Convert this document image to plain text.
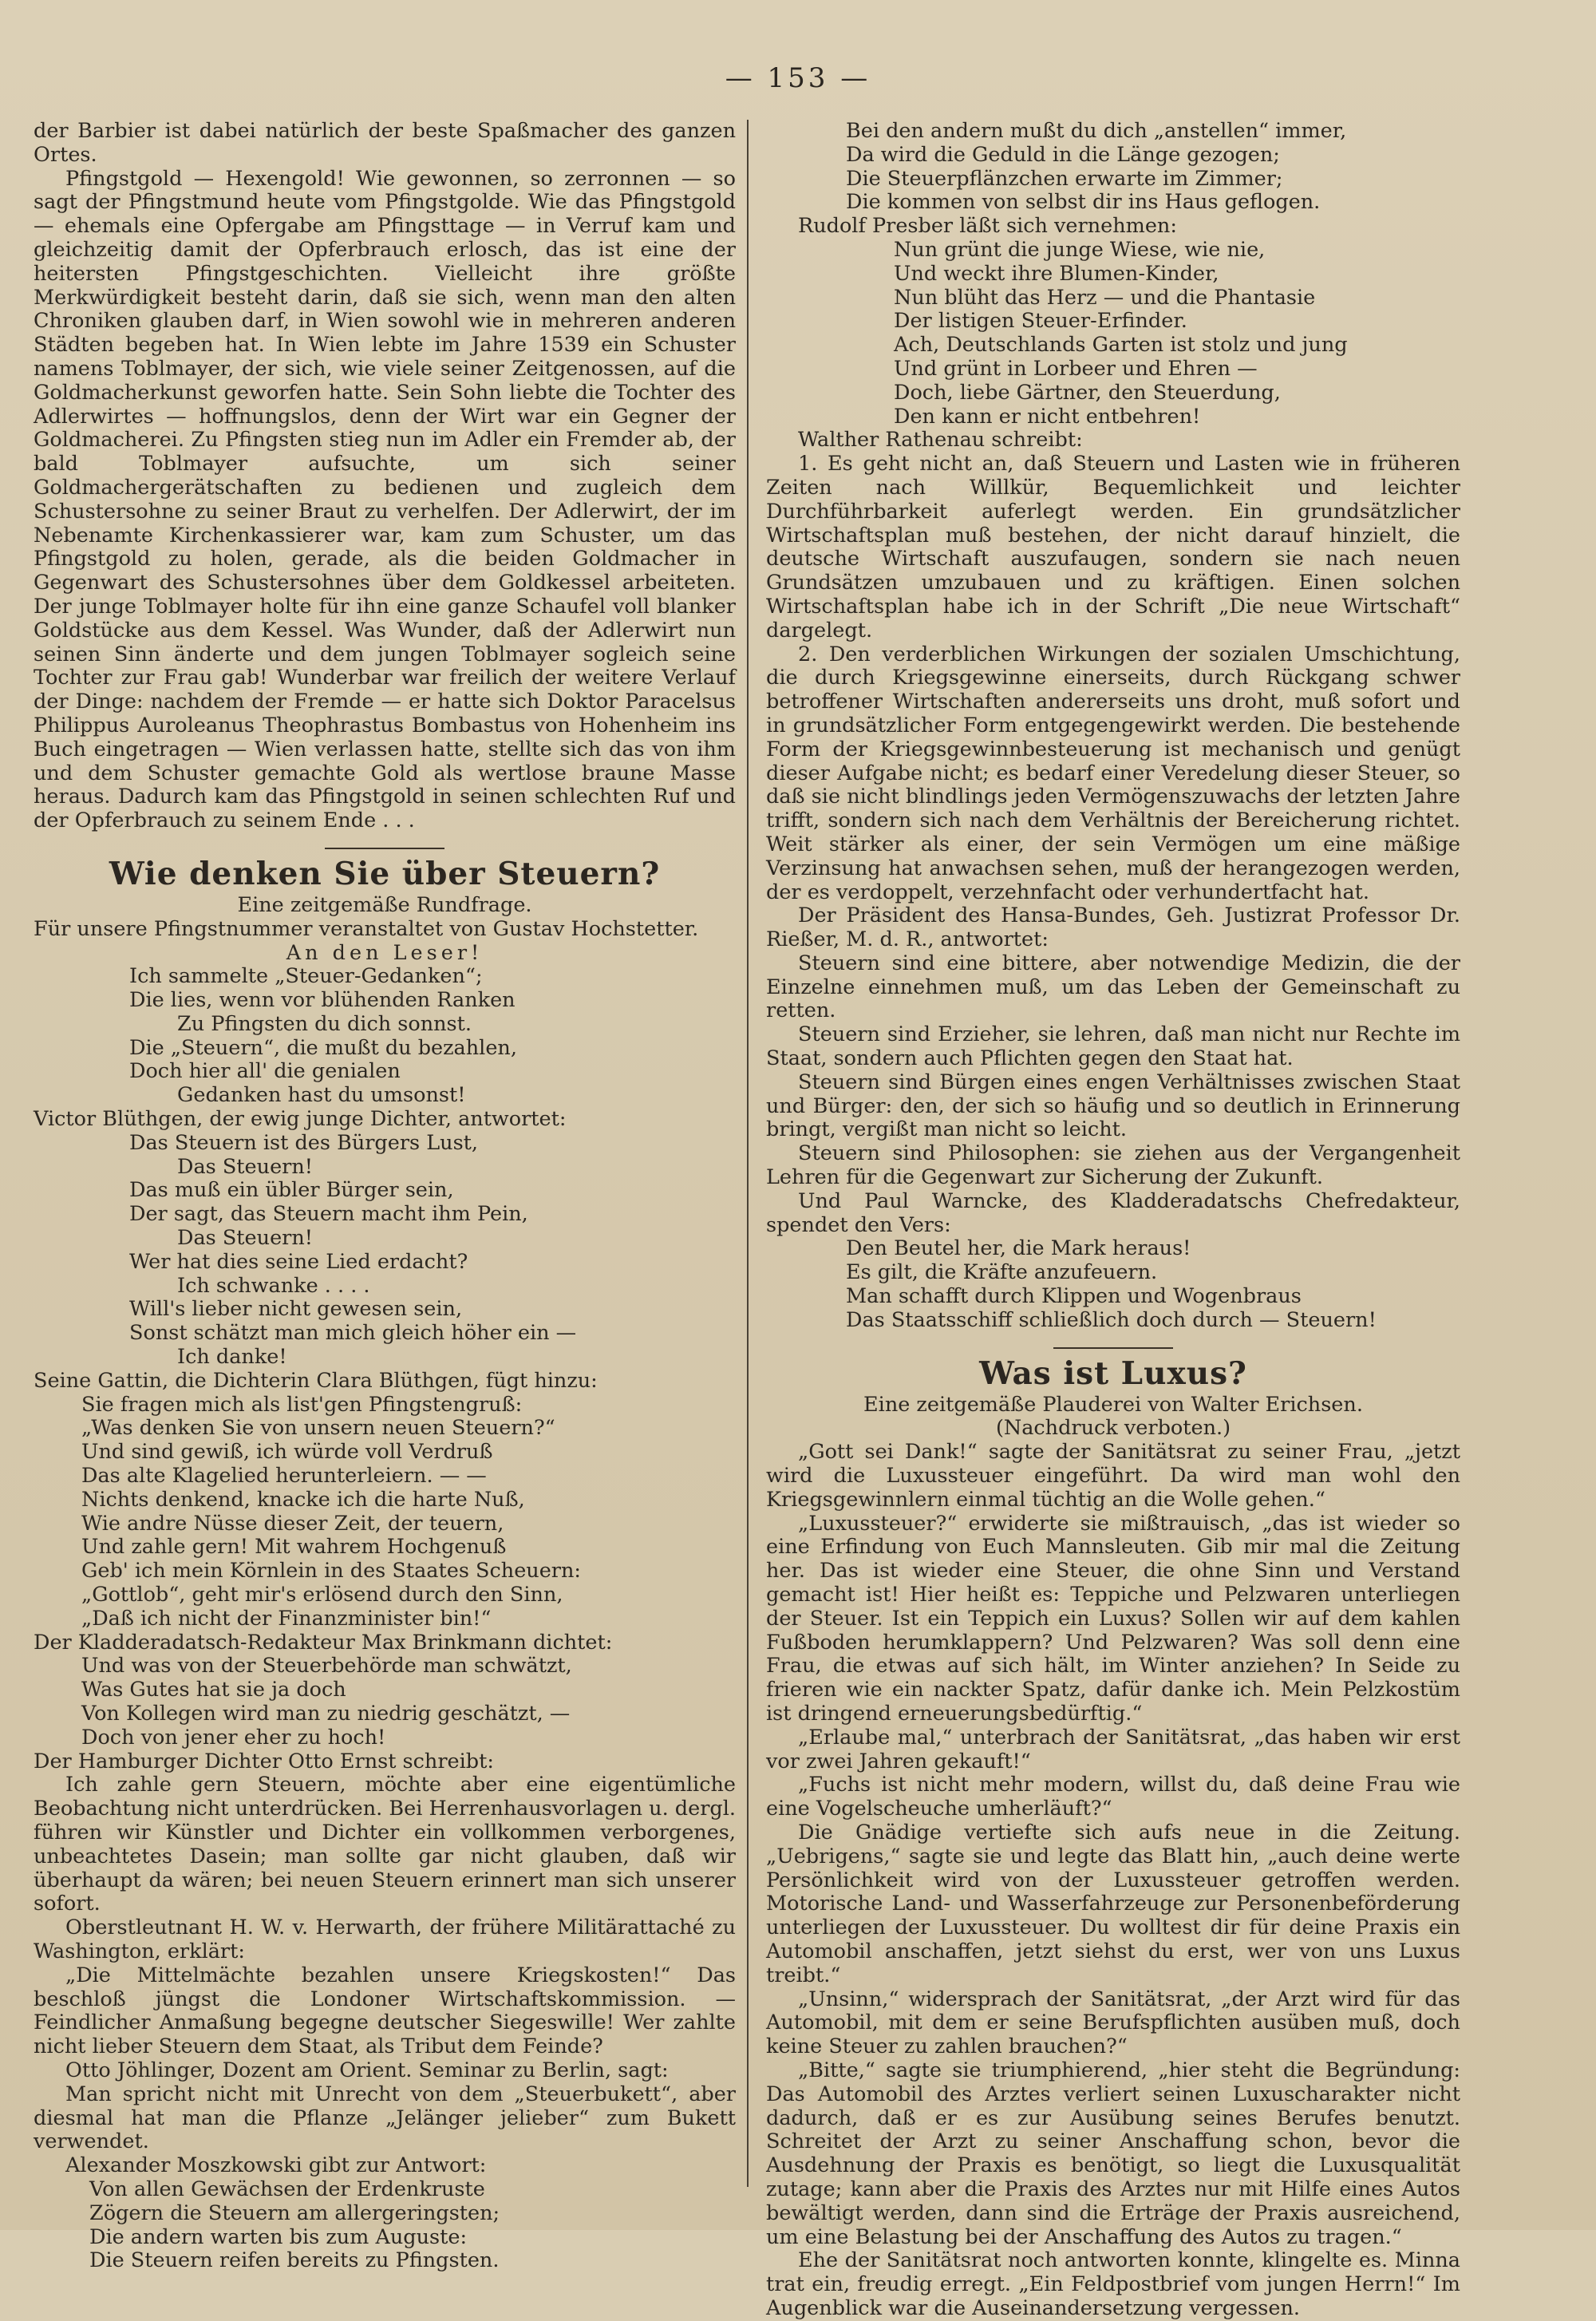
— 153 —

der Barbier ist dabei natürlich der beste Spaßmacher des ganzen Ortes.

Pfingstgold — Hexengold! Wie gewonnen, so zerronnen — so sagt der Pfingstmund heute vom Pfingstgolde. Wie das Pfingstgold — ehemals eine Opfergabe am Pfingsttage — in Verruf kam und gleichzeitig damit der Opferbrauch erlosch, das ist eine der heitersten Pfingstgeschichten. Vielleicht ihre größte Merkwürdigkeit besteht darin, daß sie sich, wenn man den alten Chroniken glauben darf, in Wien sowohl wie in mehreren anderen Städten begeben hat. In Wien lebte im Jahre 1539 ein Schuster namens Toblmayer, der sich, wie viele seiner Zeitgenossen, auf die Goldmacherkunst geworfen hatte. Sein Sohn liebte die Tochter des Adlerwirtes — hoffnungslos, denn der Wirt war ein Gegner der Goldmacherei. Zu Pfingsten stieg nun im Adler ein Fremder ab, der bald Toblmayer aufsuchte, um sich seiner Goldmachergerätschaften zu bedienen und zugleich dem Schustersohne zu seiner Braut zu verhelfen. Der Adlerwirt, der im Nebenamte Kirchenkassierer war, kam zum Schuster, um das Pfingstgold zu holen, gerade, als die beiden Goldmacher in Gegenwart des Schustersohnes über dem Goldkessel arbeiteten. Der junge Toblmayer holte für ihn eine ganze Schaufel voll blanker Goldstücke aus dem Kessel. Was Wunder, daß der Adlerwirt nun seinen Sinn änderte und dem jungen Toblmayer sogleich seine Tochter zur Frau gab! Wunderbar war freilich der weitere Verlauf der Dinge: nachdem der Fremde — er hatte sich Doktor Paracelsus Philippus Auroleanus Theophrastus Bombastus von Hohenheim ins Buch eingetragen — Wien verlassen hatte, stellte sich das von ihm und dem Schuster gemachte Gold als wertlose braune Masse heraus. Dadurch kam das Pfingstgold in seinen schlechten Ruf und der Opferbrauch zu seinem Ende . . .

Wie denken Sie über Steuern?

Eine zeitgemäße Rundfrage.

Für unsere Pfingstnummer veranstaltet von Gustav Hochstetter.

An den Leser!

Ich sammelte „Steuer-Gedanken“;
Die lies, wenn vor blühenden Ranken
Zu Pfingsten du dich sonnst.
Die „Steuern“, die mußt du bezahlen,
Doch hier all' die genialen
Gedanken hast du umsonst!

Victor Blüthgen, der ewig junge Dichter, antwortet:

Das Steuern ist des Bürgers Lust,
Das Steuern!
Das muß ein übler Bürger sein,
Der sagt, das Steuern macht ihm Pein,
Das Steuern!
Wer hat dies seine Lied erdacht?
Ich schwanke . . . .
Will's lieber nicht gewesen sein,
Sonst schätzt man mich gleich höher ein —
Ich danke!

Seine Gattin, die Dichterin Clara Blüthgen, fügt hinzu:

Sie fragen mich als list'gen Pfingstengruß:
„Was denken Sie von unsern neuen Steuern?“
Und sind gewiß, ich würde voll Verdruß
Das alte Klagelied herunterleiern. — —
Nichts denkend, knacke ich die harte Nuß,
Wie andre Nüsse dieser Zeit, der teuern,
Und zahle gern! Mit wahrem Hochgenuß
Geb' ich mein Körnlein in des Staates Scheuern:
„Gottlob“, geht mir's erlösend durch den Sinn,
„Daß ich nicht der Finanzminister bin!“

Der Kladderadatsch-Redakteur Max Brinkmann dichtet:

Und was von der Steuerbehörde man schwätzt,
Was Gutes hat sie ja doch
Von Kollegen wird man zu niedrig geschätzt, —
Doch von jener eher zu hoch!

Der Hamburger Dichter Otto Ernst schreibt:

Ich zahle gern Steuern, möchte aber eine eigentümliche Beobachtung nicht unterdrücken. Bei Herrenhausvorlagen u. dergl. führen wir Künstler und Dichter ein vollkommen verborgenes, unbeachtetes Dasein; man sollte gar nicht glauben, daß wir überhaupt da wären; bei neuen Steuern erinnert man sich unserer sofort.

Oberstleutnant H. W. v. Herwarth, der frühere Militärattaché zu Washington, erklärt:

„Die Mittelmächte bezahlen unsere Kriegskosten!“ Das beschloß jüngst die Londoner Wirtschaftskommission. — Feindlicher Anmaßung begegne deutscher Siegeswille! Wer zahlte nicht lieber Steuern dem Staat, als Tribut dem Feinde?

Otto Jöhlinger, Dozent am Orient. Seminar zu Berlin, sagt:

Man spricht nicht mit Unrecht von dem „Steuerbukett“, aber diesmal hat man die Pflanze „Jelänger jelieber“ zum Bukett verwendet.

Alexander Moszkowski gibt zur Antwort:

Von allen Gewächsen der Erdenkruste
Zögern die Steuern am allergeringsten;
Die andern warten bis zum Auguste:
Die Steuern reifen bereits zu Pfingsten.
Bei den andern mußt du dich „anstellen“ immer,
Da wird die Geduld in die Länge gezogen;
Die Steuerpflänzchen erwarte im Zimmer;
Die kommen von selbst dir ins Haus geflogen.

Rudolf Presber läßt sich vernehmen:

Nun grünt die junge Wiese, wie nie,
Und weckt ihre Blumen-Kinder,
Nun blüht das Herz — und die Phantasie
Der listigen Steuer-Erfinder.
Ach, Deutschlands Garten ist stolz und jung
Und grünt in Lorbeer und Ehren —
Doch, liebe Gärtner, den Steuerdung,
Den kann er nicht entbehren!

Walther Rathenau schreibt:

1. Es geht nicht an, daß Steuern und Lasten wie in früheren Zeiten nach Willkür, Bequemlichkeit und leichter Durchführbarkeit auferlegt werden. Ein grundsätzlicher Wirtschaftsplan muß bestehen, der nicht darauf hinzielt, die deutsche Wirtschaft auszufaugen, sondern sie nach neuen Grundsätzen umzubauen und zu kräftigen. Einen solchen Wirtschaftsplan habe ich in der Schrift „Die neue Wirtschaft“ dargelegt.

2. Den verderblichen Wirkungen der sozialen Umschichtung, die durch Kriegsgewinne einerseits, durch Rückgang schwer betroffener Wirtschaften andererseits uns droht, muß sofort und in grundsätzlicher Form entgegengewirkt werden. Die bestehende Form der Kriegsgewinnbesteuerung ist mechanisch und genügt dieser Aufgabe nicht; es bedarf einer Veredelung dieser Steuer, so daß sie nicht blindlings jeden Vermögenszuwachs der letzten Jahre trifft, sondern sich nach dem Verhältnis der Bereicherung richtet. Weit stärker als einer, der sein Vermögen um eine mäßige Verzinsung hat anwachsen sehen, muß der herangezogen werden, der es verdoppelt, verzehnfacht oder verhundertfacht hat.

Der Präsident des Hansa-Bundes, Geh. Justizrat Professor Dr. Rießer, M. d. R., antwortet:

Steuern sind eine bittere, aber notwendige Medizin, die der Einzelne einnehmen muß, um das Leben der Gemeinschaft zu retten.

Steuern sind Erzieher, sie lehren, daß man nicht nur Rechte im Staat, sondern auch Pflichten gegen den Staat hat.

Steuern sind Bürgen eines engen Verhältnisses zwischen Staat und Bürger: den, der sich so häufig und so deutlich in Erinnerung bringt, vergißt man nicht so leicht.

Steuern sind Philosophen: sie ziehen aus der Vergangenheit Lehren für die Gegenwart zur Sicherung der Zukunft.

Und Paul Warncke, des Kladderadatschs Chefredakteur, spendet den Vers:

Den Beutel her, die Mark heraus!
Es gilt, die Kräfte anzufeuern.
Man schafft durch Klippen und Wogenbraus
Das Staatsschiff schließlich doch durch — Steuern!
Was ist Luxus?

Eine zeitgemäße Plauderei von Walter Erichsen.

(Nachdruck verboten.)

„Gott sei Dank!“ sagte der Sanitätsrat zu seiner Frau, „jetzt wird die Luxussteuer eingeführt. Da wird man wohl den Kriegsgewinnlern einmal tüchtig an die Wolle gehen.“

„Luxussteuer?“ erwiderte sie mißtrauisch, „das ist wieder so eine Erfindung von Euch Mannsleuten. Gib mir mal die Zeitung her. Das ist wieder eine Steuer, die ohne Sinn und Verstand gemacht ist! Hier heißt es: Teppiche und Pelzwaren unterliegen der Steuer. Ist ein Teppich ein Luxus? Sollen wir auf dem kahlen Fußboden herumklappern? Und Pelzwaren? Was soll denn eine Frau, die etwas auf sich hält, im Winter anziehen? In Seide zu frieren wie ein nackter Spatz, dafür danke ich. Mein Pelzkostüm ist dringend erneuerungsbedürftig.“

„Erlaube mal,“ unterbrach der Sanitätsrat, „das haben wir erst vor zwei Jahren gekauft!“

„Fuchs ist nicht mehr modern, willst du, daß deine Frau wie eine Vogelscheuche umherläuft?“

Die Gnädige vertiefte sich aufs neue in die Zeitung. „Uebrigens,“ sagte sie und legte das Blatt hin, „auch deine werte Persönlichkeit wird von der Luxussteuer getroffen werden. Motorische Land- und Wasserfahrzeuge zur Personenbeförderung unterliegen der Luxussteuer. Du wolltest dir für deine Praxis ein Automobil anschaffen, jetzt siehst du erst, wer von uns Luxus treibt.“

„Unsinn,“ widersprach der Sanitätsrat, „der Arzt wird für das Automobil, mit dem er seine Berufspflichten ausüben muß, doch keine Steuer zu zahlen brauchen?“

„Bitte,“ sagte sie triumphierend, „hier steht die Begründung: Das Automobil des Arztes verliert seinen Luxuscharakter nicht dadurch, daß er es zur Ausübung seines Berufes benutzt. Schreitet der Arzt zu seiner Anschaffung schon, bevor die Ausdehnung der Praxis es benötigt, so liegt die Luxusqualität zutage; kann aber die Praxis des Arztes nur mit Hilfe eines Autos bewältigt werden, dann sind die Erträge der Praxis ausreichend, um eine Belastung bei der Anschaffung des Autos zu tragen.“

Ehe der Sanitätsrat noch antworten konnte, klingelte es. Minna trat ein, freudig erregt. „Ein Feldpostbrief vom jungen Herrn!“ Im Augenblick war die Auseinandersetzung vergessen.
